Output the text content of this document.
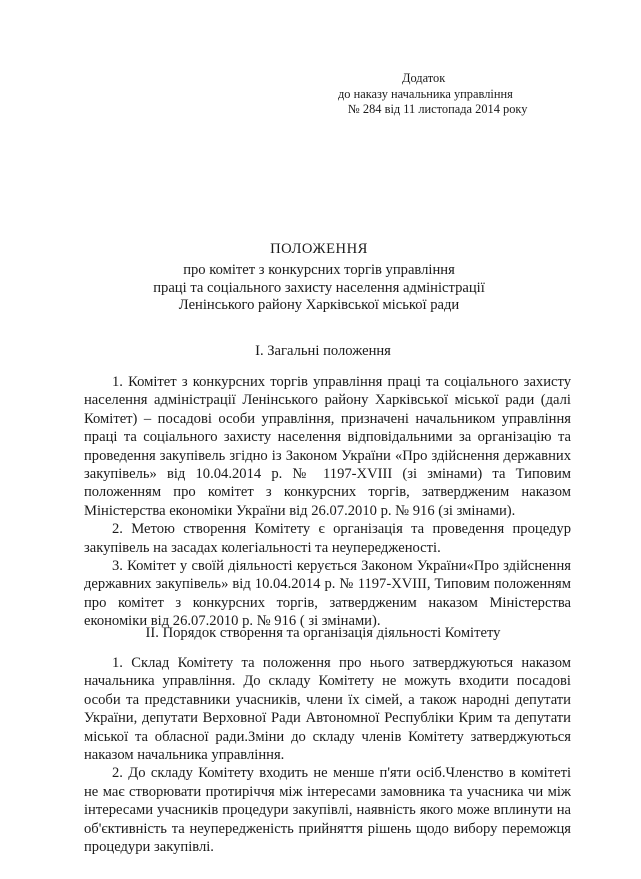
Додаток
до наказу начальника управління
№ 284 від 11 листопада 2014 року
ПОЛОЖЕННЯ
про комітет з конкурсних торгів управління
праці та соціального захисту населення адміністрації
Ленінського району Харківської міської ради
І. Загальні положення

1. Комітет з конкурсних торгів управління праці та соціального захисту населення адміністрації Ленінського району Харківської міської ради (далі Комітет) – посадові особи управління, призначені начальником управління праці та соціального захисту населення відповідальними за організацію та проведення закупівель згідно із Законом України «Про здійснення державних закупівель» від 10.04.2014 р. № 1197-XVIII (зі змінами) та Типовим положенням про комітет з конкурсних торгів, затвердженим наказом Міністерства економіки України від 26.07.2010 р. № 916 (зі змінами).

2. Метою створення Комітету є організація та проведення процедур закупівель на засадах колегіальності та неупередженості.

3. Комітет у своїй діяльності керується Законом України«Про здійснення державних закупівель» від 10.04.2014 р. № 1197-XVIII, Типовим положенням про комітет з конкурсних торгів, затвердженим наказом Міністерства економіки від 26.07.2010 р. № 916 ( зі змінами).

ІІ. Порядок створення та організація діяльності Комітету

1. Склад Комітету та положення про нього затверджуються наказом начальника управління. До складу Комітету не можуть входити посадові особи та представники учасників, члени їх сімей, а також народні депутати України, депутати Верховної Ради Автономної Республіки Крим та депутати міської та обласної ради.Зміни до складу членів Комітету затверджуються наказом начальника управління.

2. До складу Комітету входить не менше п'яти осіб.Членство в комітеті не має створювати протиріччя між інтересами замовника та учасника чи між інтересами учасників процедури закупівлі, наявність якого може вплинути на об'єктивність та неупередженість прийняття рішень щодо вибору переможця процедури закупівлі.
